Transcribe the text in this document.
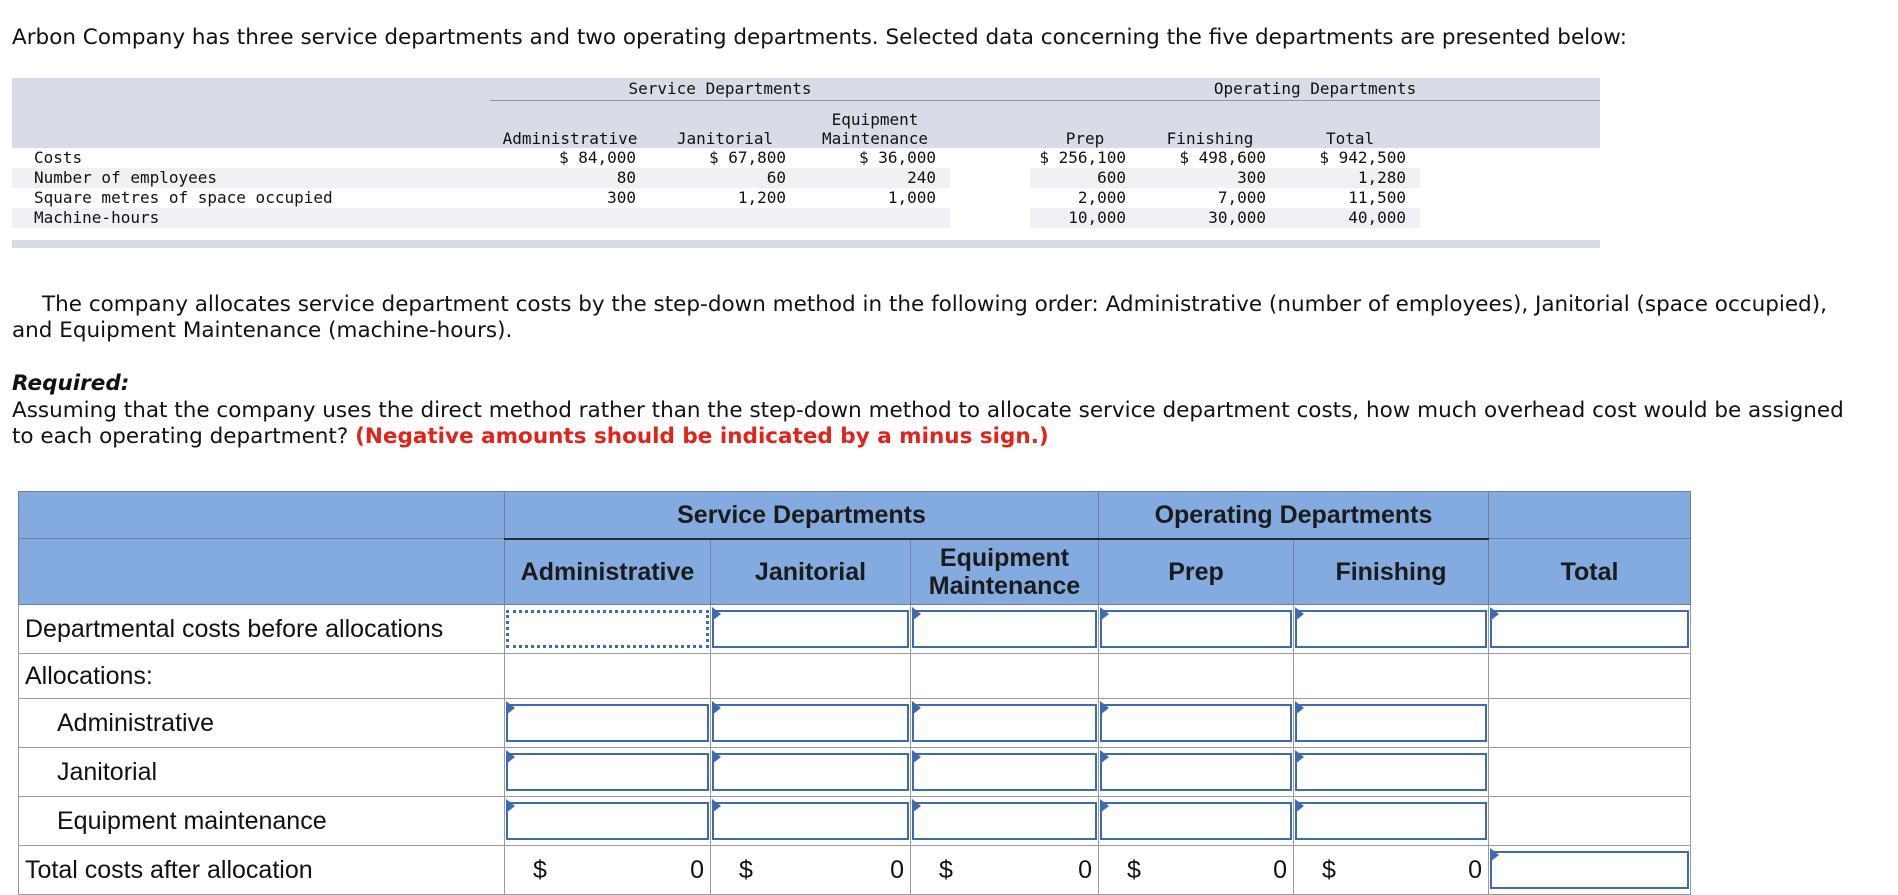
Arbon Company has three service departments and two operating departments. Selected data concerning the five departments are presented below:
	Service Departments				Operating Departments			

	Administrative	Janitorial	Equipment
Maintenance		Prep	Finishing	Total	
Costs	$ 84,000	$ 67,800	$ 36,000		$ 256,100	$ 498,600	$ 942,500	
Number of employees	80	60	240		600	300	1,280	
Square metres of space occupied	300	1,200	1,000		2,000	7,000	11,500	
Machine-hours					10,000	30,000	40,000	
The company allocates service department costs by the step-down method in the following order: Administrative (number of employees), Janitorial (space occupied), and Equipment Maintenance (machine-hours).
Required:
Assuming that the company uses the direct method rather than the step-down method to allocate service department costs, how much overhead cost would be assigned to each operating department? (Negative amounts should be indicated by a minus sign.)
	Service Departments			Operating Departments		
	Administrative	Janitorial	Equipment
Maintenance	Prep	Finishing	Total
Departmental costs before allocations	

Allocations:						
Administrative	

Janitorial	

Equipment maintenance	

Total costs after allocation	$ 0	$ 0	$ 0	$ 0	$ 0	
